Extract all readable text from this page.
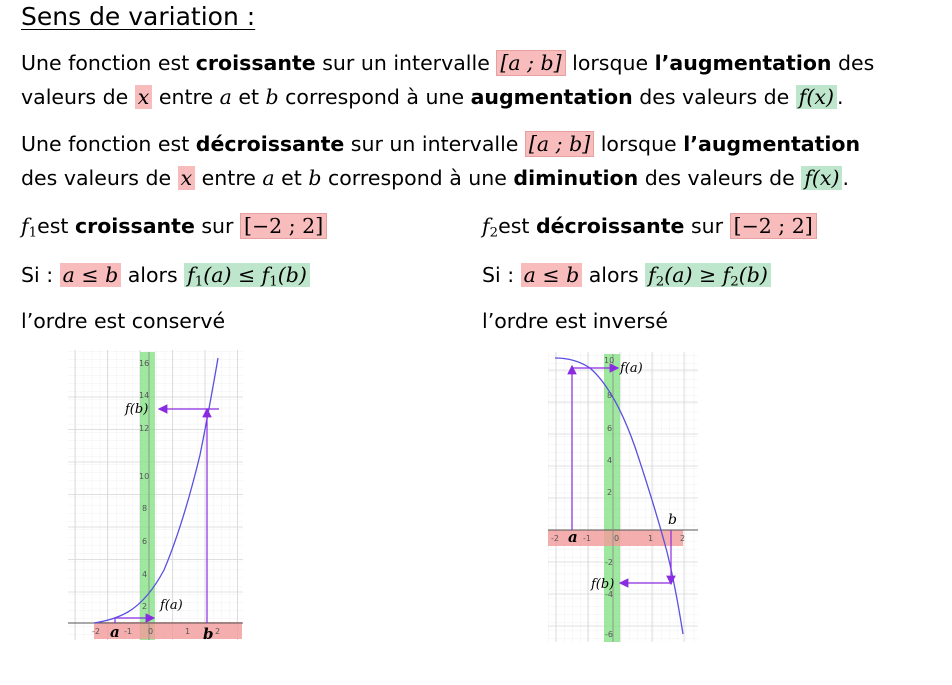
Sens de variation :
Une fonction est croissante sur un intervalle [a ; b] lorsque l’augmentation des
valeurs de x entre a et b correspond à une augmentation des valeurs de f(x) .
Une fonction est décroissante sur un intervalle [a ; b] lorsque l’augmentation
des valeurs de x entre a et b correspond à une diminution des valeurs de f(x) .
$f_1est$ croissante sur [−2 ; 2]
Si : a ≤ b alors $f_1(a) \le f_1(b)$
l’ordre est conservé
$f_2est$ décroissante sur [−2 ; 2]
Si : a ≤ b alors $f_2(a) \ge f_2(b)$
l’ordre est inversé
2
4
6
8
10
12
14
16
-2	-1 0	1	2
f(a)
f(b)
a	b
10
8
6
4
2
-2
-4
-6
-2	-1	0	1	2
f(a)
f(b)
a
b
